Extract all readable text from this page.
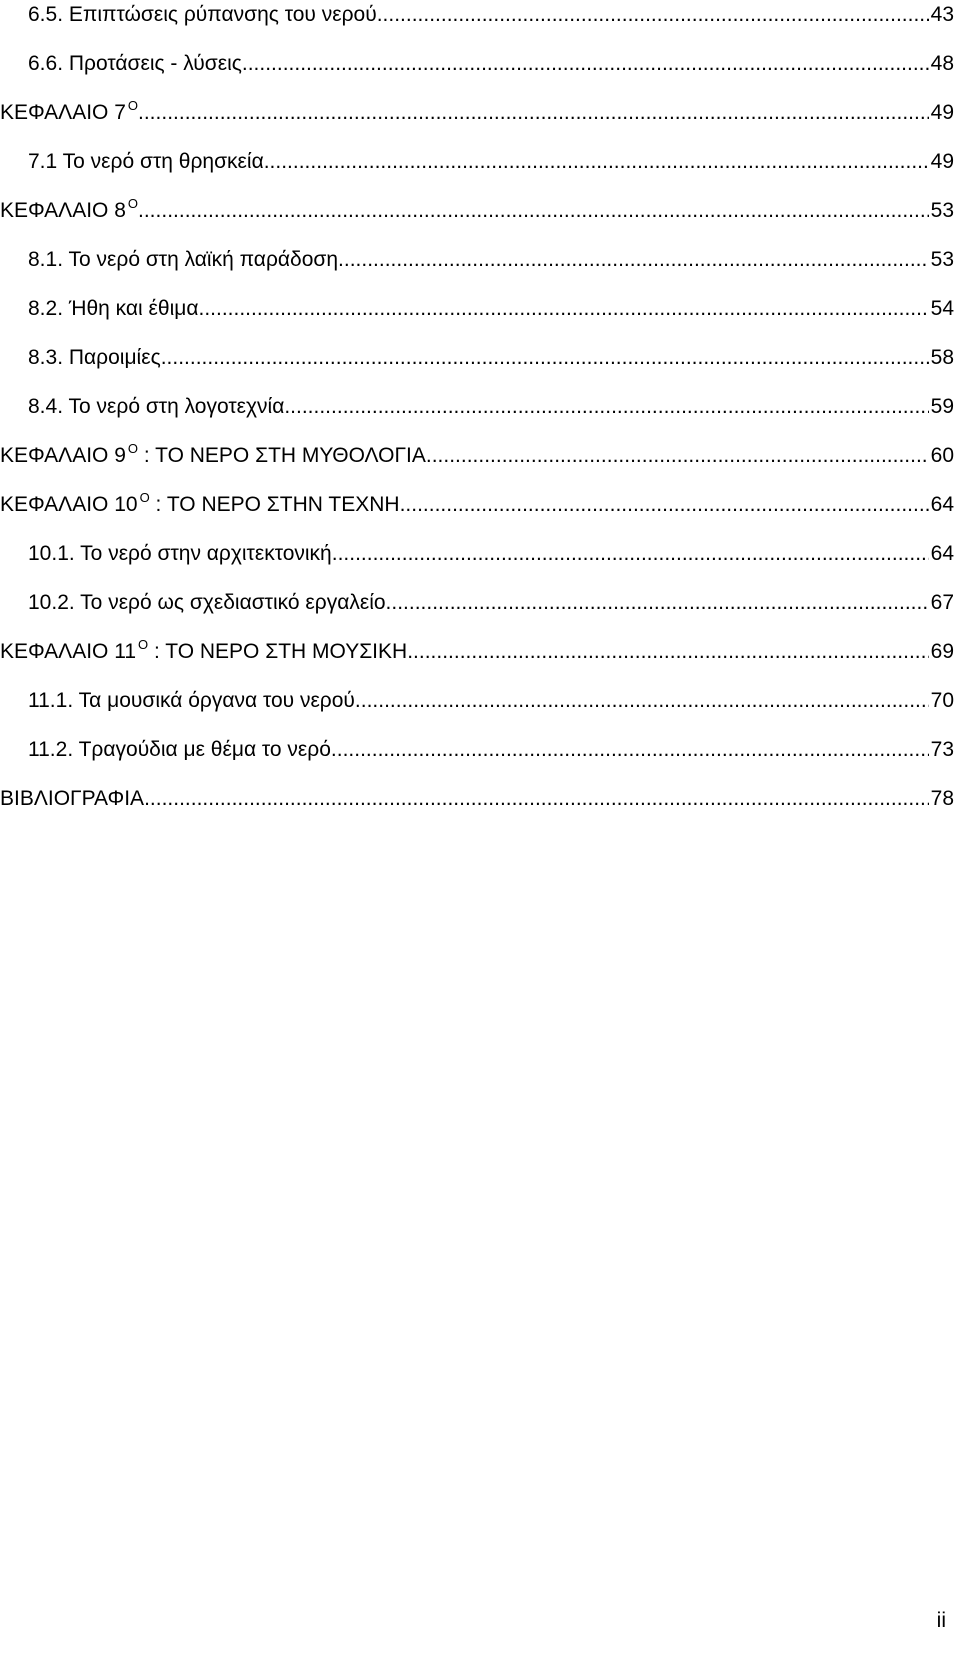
6.5. Επιπτώσεις ρύπανσης του νερού .....	43
6.6. Προτάσεις - λύσεις .....	48
ΚΕΦΑΛΑΙΟ 7 $^O$ .....	49
7.1 Το νερό στη θρησκεία .....	49
ΚΕΦΑΛΑΙΟ 8 $^O$ .....	53
8.1. Το νερό στη λαϊκή παράδοση .....	53
8.2. Ήθη και έθιμα .....	54
8.3. Παροιμίες .....	58
8.4. Το νερό στη λογοτεχνία .....	59
ΚΕΦΑΛΑΙΟ 9 $^O$ : ΤΟ ΝΕΡΟ ΣΤΗ ΜΥΘΟΛΟΓΙΑ .....	60
ΚΕΦΑΛΑΙΟ 10 $^O$ : ΤΟ ΝΕΡΟ ΣΤΗΝ ΤΕΧΝΗ .....	64
10.1. Το νερό στην αρχιτεκτονική .....	64
10.2. Το νερό ως σχεδιαστικό εργαλείο .....	67
ΚΕΦΑΛΑΙΟ 11 $^O$ : ΤΟ ΝΕΡΟ ΣΤΗ ΜΟΥΣΙΚΗ .....	69
11.1. Τα μουσικά όργανα του νερού .....	70
11.2. Τραγούδια με θέμα το νερό .....	73
ΒΙΒΛΙΟΓΡΑΦΙΑ .....	78
ii
